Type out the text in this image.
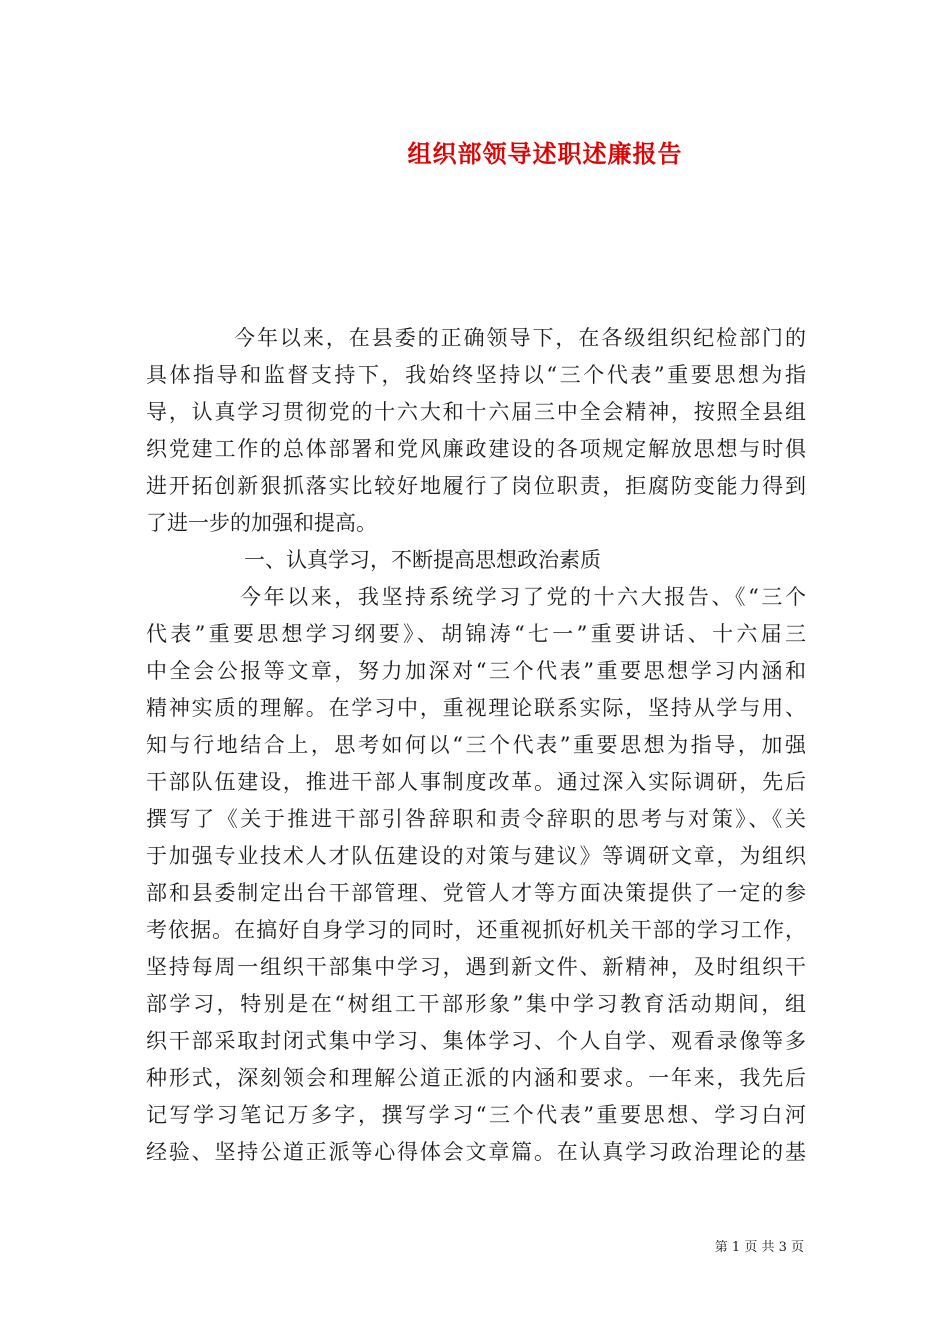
组织部领导述职述廉报告
今年以来，在县委的正确领导下，在各级组织纪检部门的
具体指导和监督支持下，我始终坚持以“三个代表”重要思想为指
导，认真学习贯彻党的十六大和十六届三中全会精神，按照全县组
织党建工作的总体部署和党风廉政建设的各项规定解放思想与时俱
进开拓创新狠抓落实比较好地履行了岗位职责，拒腐防变能力得到
了进一步的加强和提高。
一、认真学习，不断提高思想政治素质
今年以来，我坚持系统学习了党的十六大报告、《“三个
代表”重要思想学习纲要》、胡锦涛“七一”重要讲话、十六届三
中全会公报等文章，努力加深对“三个代表”重要思想学习内涵和
精神实质的理解。在学习中，重视理论联系实际，坚持从学与用、
知与行地结合上，思考如何以“三个代表”重要思想为指导，加强
干部队伍建设，推进干部人事制度改革。通过深入实际调研，先后
撰写了《关于推进干部引咎辞职和责令辞职的思考与对策》、《关
于加强专业技术人才队伍建设的对策与建议》等调研文章，为组织
部和县委制定出台干部管理、党管人才等方面决策提供了一定的参
考依据。在搞好自身学习的同时，还重视抓好机关干部的学习工作，
坚持每周一组织干部集中学习，遇到新文件、新精神，及时组织干
部学习，特别是在“树组工干部形象”集中学习教育活动期间，组
织干部采取封闭式集中学习、集体学习、个人自学、观看录像等多
种形式，深刻领会和理解公道正派的内涵和要求。一年来，我先后
记写学习笔记万多字，撰写学习“三个代表”重要思想、学习白河
经验、坚持公道正派等心得体会文章篇。在认真学习政治理论的基
第 1 页 共 3 页
